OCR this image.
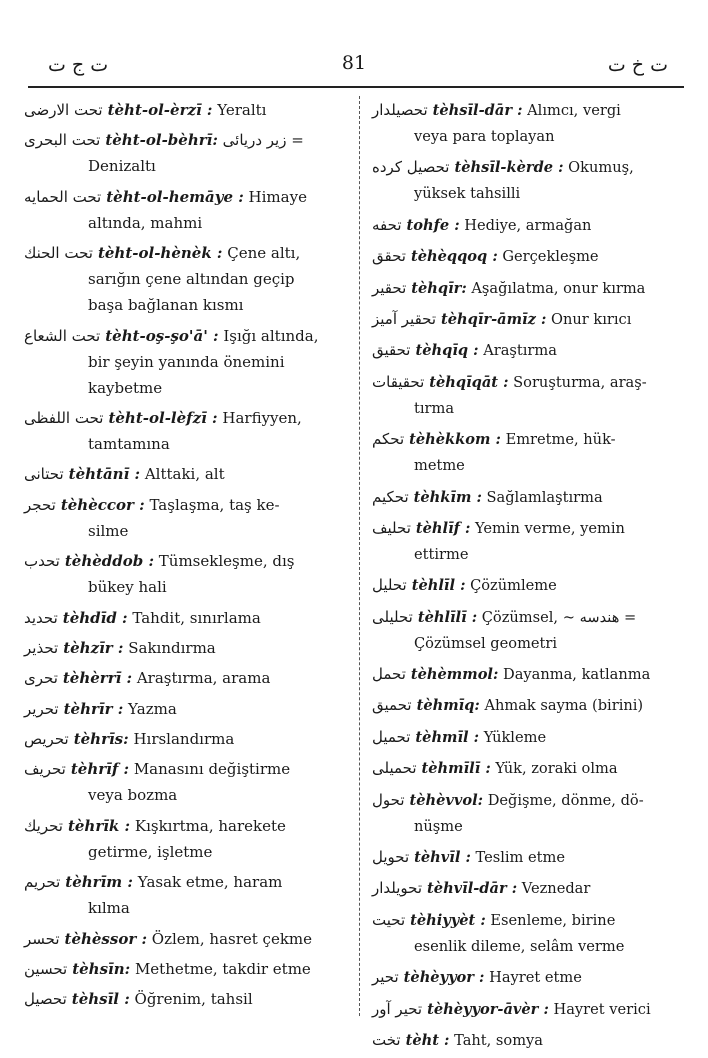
ت ج ت	81	ت خ ت
تحت الارضى tèht-ol-èrzī : Yeraltı
تحت البحرى tèht-ol-bèhrī: زیر دریائی =
Denizaltı
تحت الحمایه tèht-ol-hemāye : Himaye
altında, mahmi
تحت الحنك tèht-ol-hènèk : Çene altı,
sarığın çene altından geçip
başa bağlanan kısmı
تحت الشعاع tèht-oş-şo'ā' : Işığı altında,
bir şeyin yanında önemini
kaybetme
تحت اللفظى tèht-ol-lèfzī : Harfiyyen,
tamtamına
تحتانى tèhtānī : Alttaki, alt
تحجر tèhèccor : Taşlaşma, taş ke-
silme
تحدب tèhèddob : Tümsekleşme, dış
bükey hali
تحدید tèhdīd : Tahdit, sınırlama
تحذیر tèhzīr : Sakındırma
تحرى tèhèrrī : Araştırma, arama
تحریر tèhrīr : Yazma
تحریص tèhrīs: Hırslandırma
تحریف tèhrīf : Manasını değiştirme
veya bozma
تحریك tèhrīk : Kışkırtma, harekete
getirme, işletme
تحریم tèhrīm : Yasak etme, haram
kılma
تحسر tèhèssor : Özlem, hasret çekme
تحسین tèhsīn: Methetme, takdir etme
تحصیل tèhsīl : Öğrenim, tahsil
تحصیلدار tèhsīl-dār : Alımcı, vergi
veya para toplayan
تحصیل کرده tèhsīl-kèrde : Okumuş,
yüksek tahsilli
تحفه tohfe : Hediye, armağan
تحقق tèhèqqoq : Gerçekleşme
تحقیر tèhqīr: Aşağılatma, onur kırma
تحقیر آمیز tèhqīr-āmīz : Onur kırıcı
تحقیق tèhqīq : Araştırma
تحقیقات tèhqīqāt : Soruşturma, araş-
tırma
تحكم tèhèkkom : Emretme, hük-
metme
تحكیم tèhkīm : Sağlamlaştırma
تحلیف tèhlīf : Yemin verme, yemin
ettirme
تحلیل tèhlīl : Çözümleme
تحلیلی tèhlīlī : Çözümsel, ~ هندسه =
Çözümsel geometri
تحمل tèhèmmol: Dayanma, katlanma
تحمیق tèhmīq: Ahmak sayma (birini)
تحمیل tèhmīl : Yükleme
تحمیلی tèhmīlī : Yük, zoraki olma
تحول tèhèvvol: Değişme, dönme, dö-
nüşme
تحویل tèhvīl : Teslim etme
تحویلدار tèhvīl-dār : Veznedar
تحیت tèhiyyèt : Esenleme, birine
esenlik dileme, selâm verme
تحیر tèhèyyor : Hayret etme
تحیر آور tèhèyyor-āvèr : Hayret verici
تخت tèht : Taht, somya
